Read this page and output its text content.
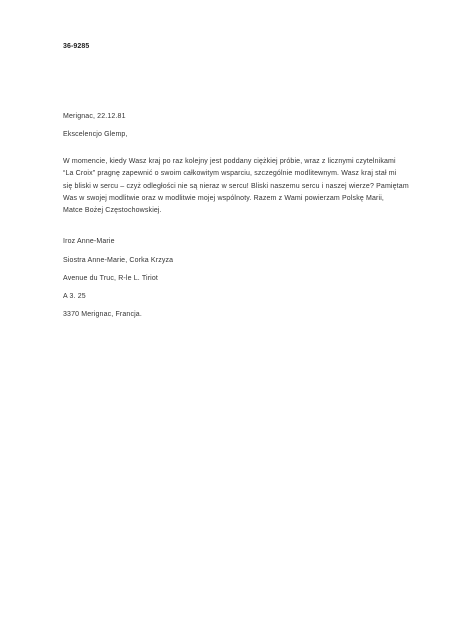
36-9285
Merignac, 22.12.81
Ekscelencjo Glemp,
W momencie, kiedy Wasz kraj po raz kolejny jest poddany ciężkiej próbie, wraz z licznymi czytelnikami
“La Croix” pragnę zapewnić o swoim całkowitym wsparciu, szczególnie modlitewnym. Wasz kraj stał mi
się bliski w sercu – czyż odległości nie są nieraz w sercu! Bliski naszemu sercu i naszej wierze? Pamiętam
Was w swojej modlitwie oraz w modlitwie mojej wspólnoty. Razem z Wami powierzam Polskę Marii,
Matce Bożej Częstochowskiej.
Iroz Anne-Marie
Siostra Anne-Marie, Corka Krzyza
Avenue du Truc, R-le L. Tiriot
A 3. 25
3370 Merignac, Francja.
